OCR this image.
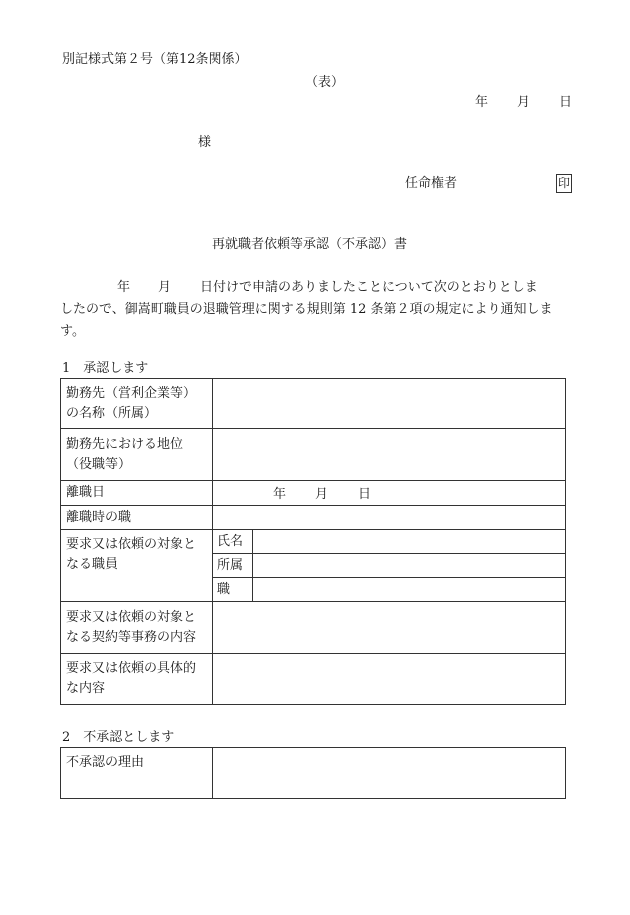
別記様式第２号（第12条関係）
（表）
年 月 日
様
任命権者	印
再就職者依頼等承認（不承認）書
年 月 日付けで申請のありましたことについて次のとおりとしま
したので、御嵩町職員の退職管理に関する規則第 12 条第２項の規定により通知しま
す。
1　承認します
勤務先（営利企業等）
の名称（所属）		

勤務先における地位
（役職等）		

離職日	年 月 日	

離職時の職		

要求又は依頼の対象と
なる職員	氏名	
	所属	
	職	

要求又は依頼の対象と
なる契約等事務の内容		

要求又は依頼の具体的
な内容		

2　不承認とします
不承認の理由	
